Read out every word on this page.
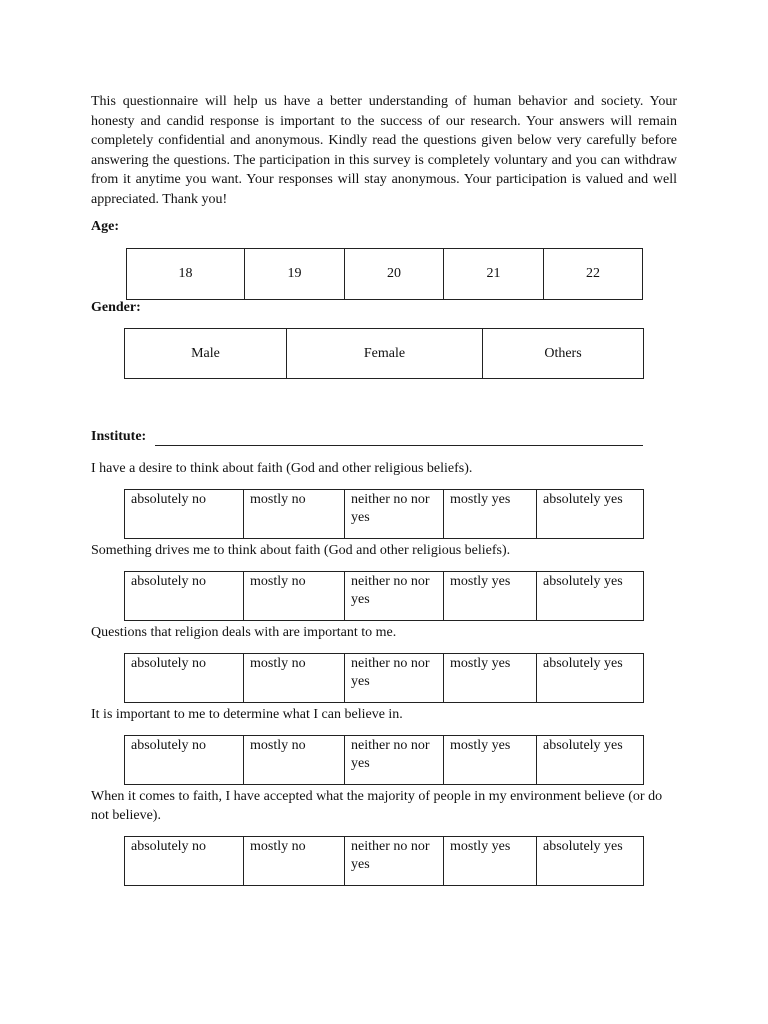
This questionnaire will help us have a better understanding of human behavior and society. Your honesty and candid response is important to the success of our research. Your answers will remain completely confidential and anonymous. Kindly read the questions given below very carefully before answering the questions. The participation in this survey is completely voluntary and you can withdraw from it anytime you want. Your responses will stay anonymous. Your participation is valued and well appreciated. Thank you!

Age:

18	19	20	21	22

Gender:

Male	Female	Others

Institute:

I have a desire to think about faith (God and other religious beliefs).

absolutely no	mostly no	neither no nor yes	mostly yes	absolutely yes

Something drives me to think about faith (God and other religious beliefs).

absolutely no	mostly no	neither no nor yes	mostly yes	absolutely yes

Questions that religion deals with are important to me.

absolutely no	mostly no	neither no nor yes	mostly yes	absolutely yes

It is important to me to determine what I can believe in.

absolutely no	mostly no	neither no nor yes	mostly yes	absolutely yes

When it comes to faith, I have accepted what the majority of people in my environment believe (or do not believe).

absolutely no	mostly no	neither no nor yes	mostly yes	absolutely yes
